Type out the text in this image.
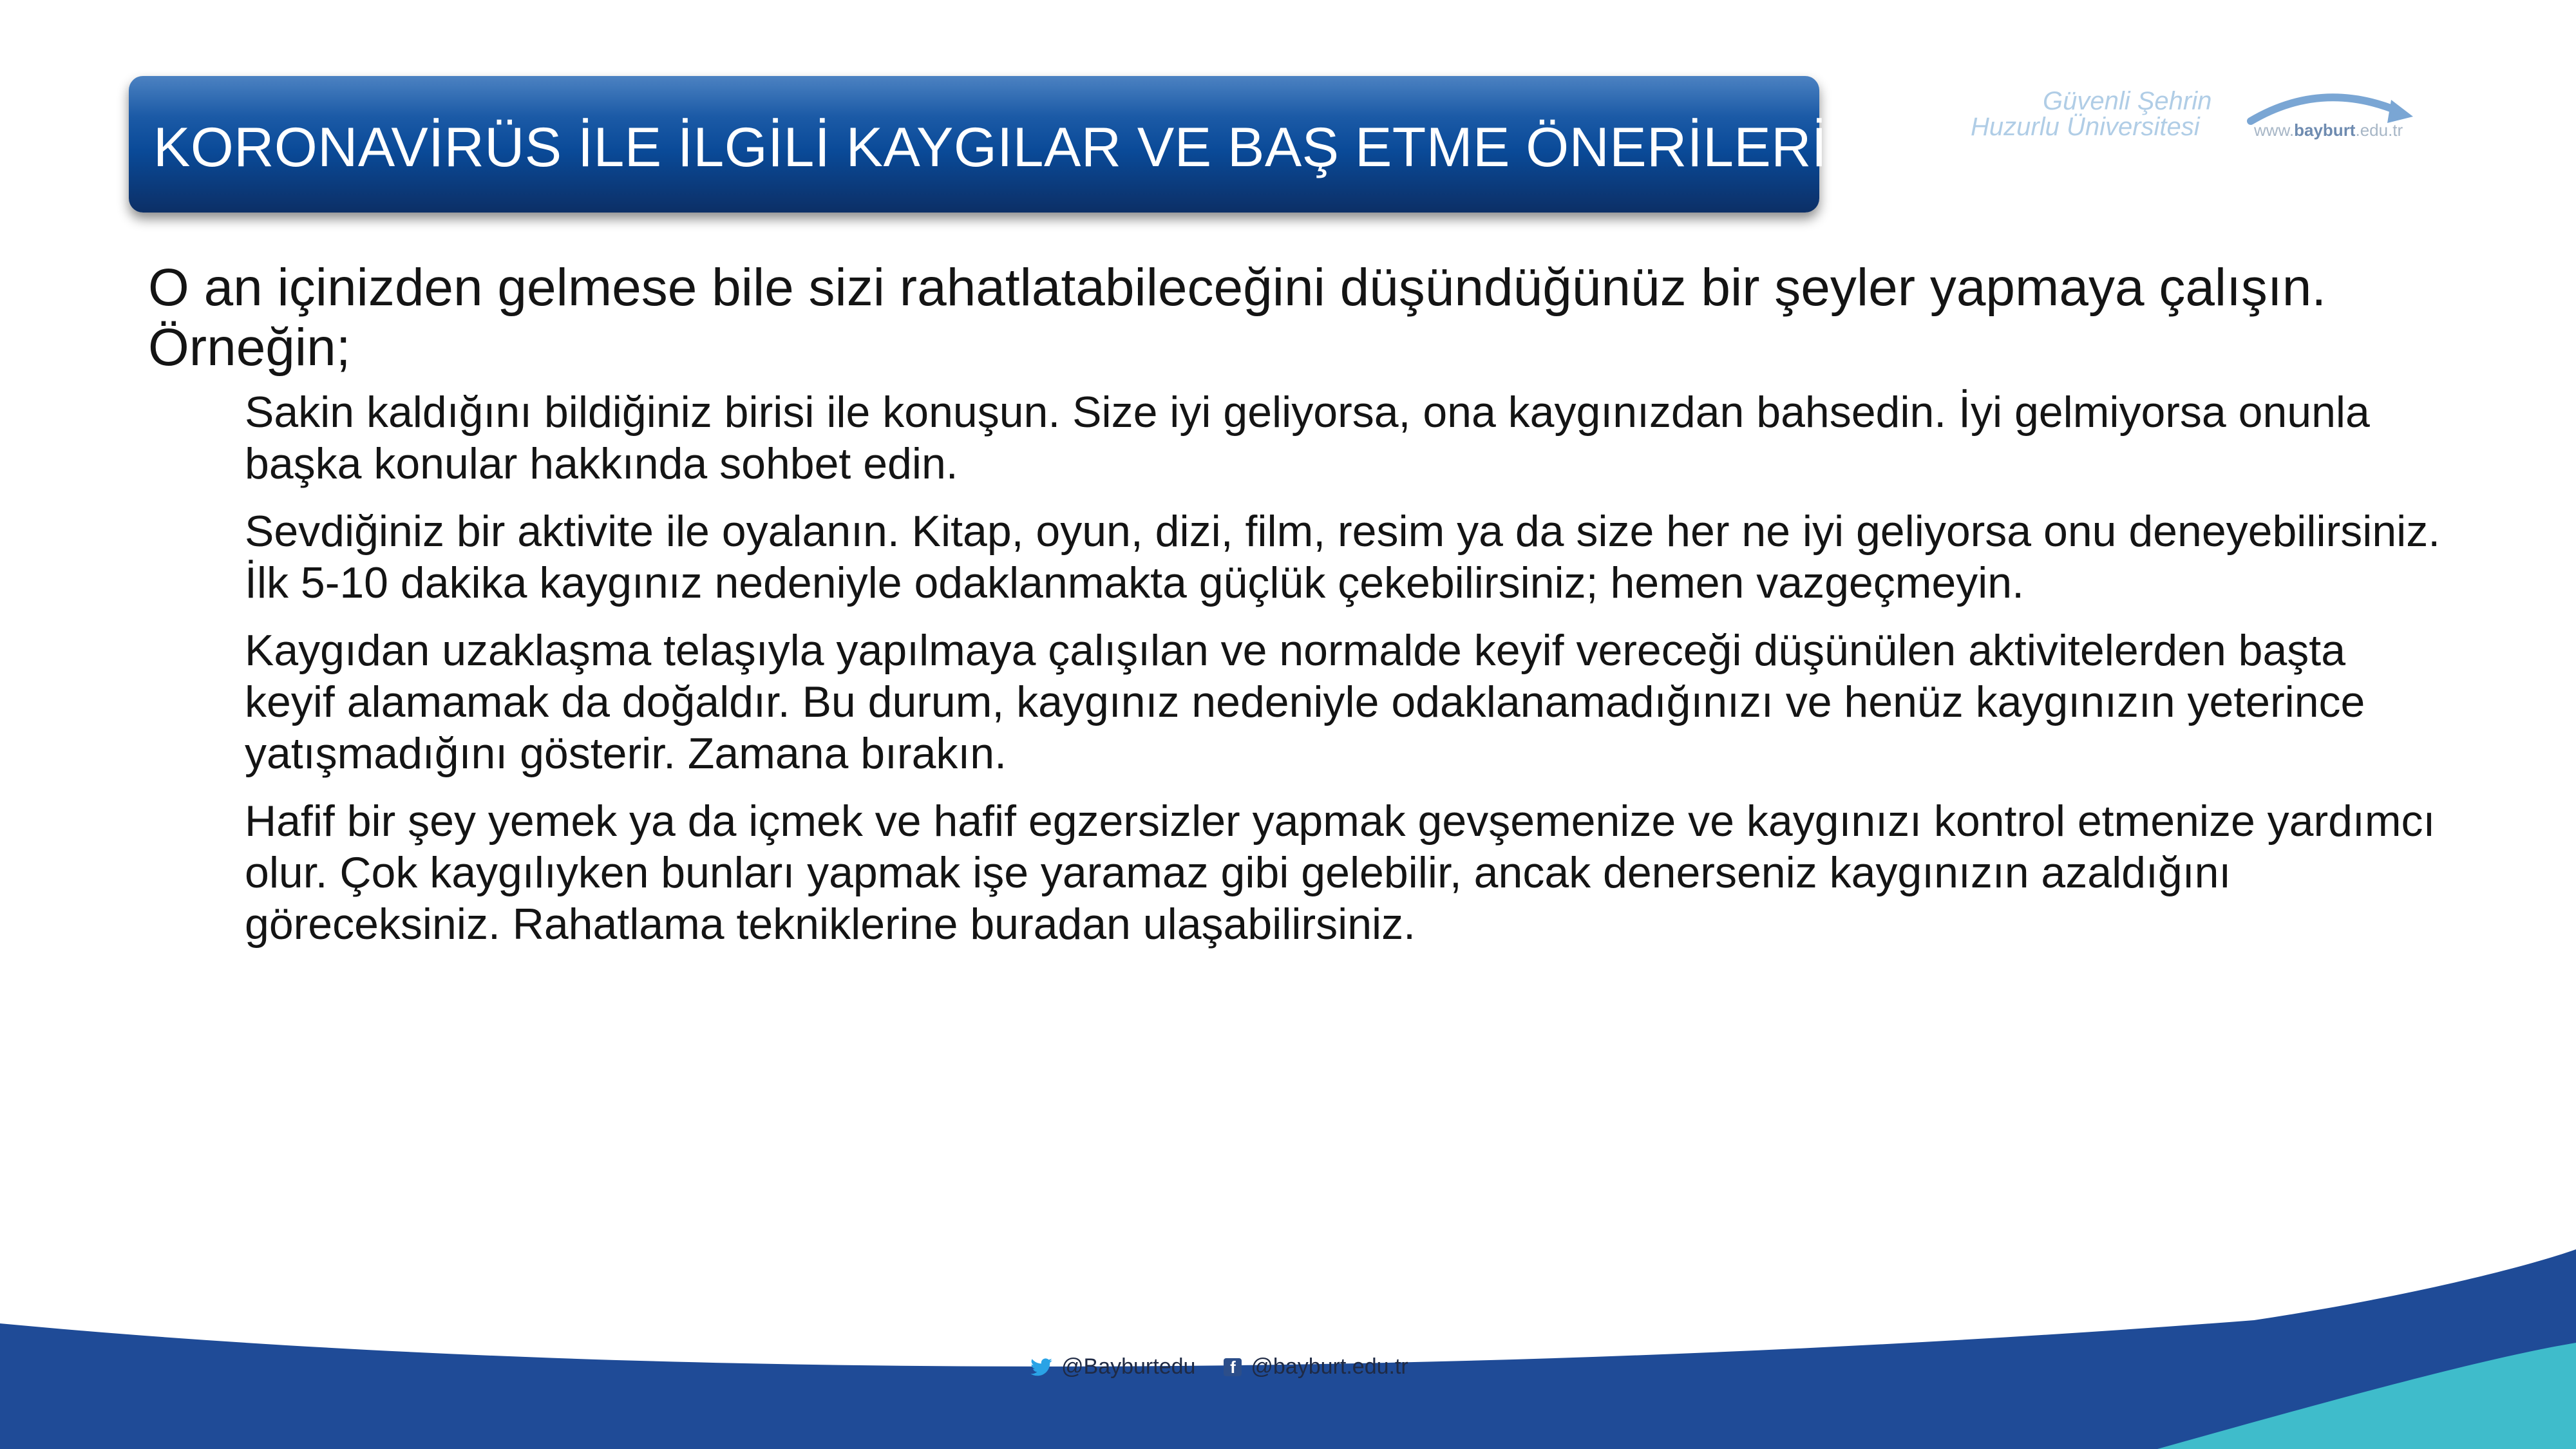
KORONAVİRÜS İLE İLGİLİ KAYGILAR VE BAŞ ETME ÖNERİLERİ
Güvenli Şehrin
Huzurlu Üniversitesi	www.bayburt.edu.tr

O an içinizden gelmese bile sizi rahatlatabileceğini düşündüğünüz bir şeyler yapmaya çalışın. Örneğin;

Sakin kaldığını bildiğiniz birisi ile konuşun. Size iyi geliyorsa, ona kaygınızdan bahsedin. İyi gelmiyorsa onunla başka konular hakkında sohbet edin.
Sevdiğiniz bir aktivite ile oyalanın. Kitap, oyun, dizi, film, resim ya da size her ne iyi geliyorsa onu deneyebilirsiniz. İlk 5-10 dakika kaygınız nedeniyle odaklanmakta güçlük çekebilirsiniz; hemen vazgeçmeyin.
Kaygıdan uzaklaşma telaşıyla yapılmaya çalışılan ve normalde keyif vereceği düşünülen aktivitelerden başta keyif alamamak da doğaldır. Bu durum, kaygınız nedeniyle odaklanamadığınızı ve henüz kaygınızın yeterince yatışmadığını gösterir. Zamana bırakın.
Hafif bir şey yemek ya da içmek ve hafif egzersizler yapmak gevşemenize ve kaygınızı kontrol etmenize yardımcı olur. Çok kaygılıyken bunları yapmak işe yaramaz gibi gelebilir, ancak denerseniz kaygınızın azaldığını göreceksiniz. Rahatlama tekniklerine buradan ulaşabilirsiniz.
@Bayburtedu	f @bayburt.edu.tr
